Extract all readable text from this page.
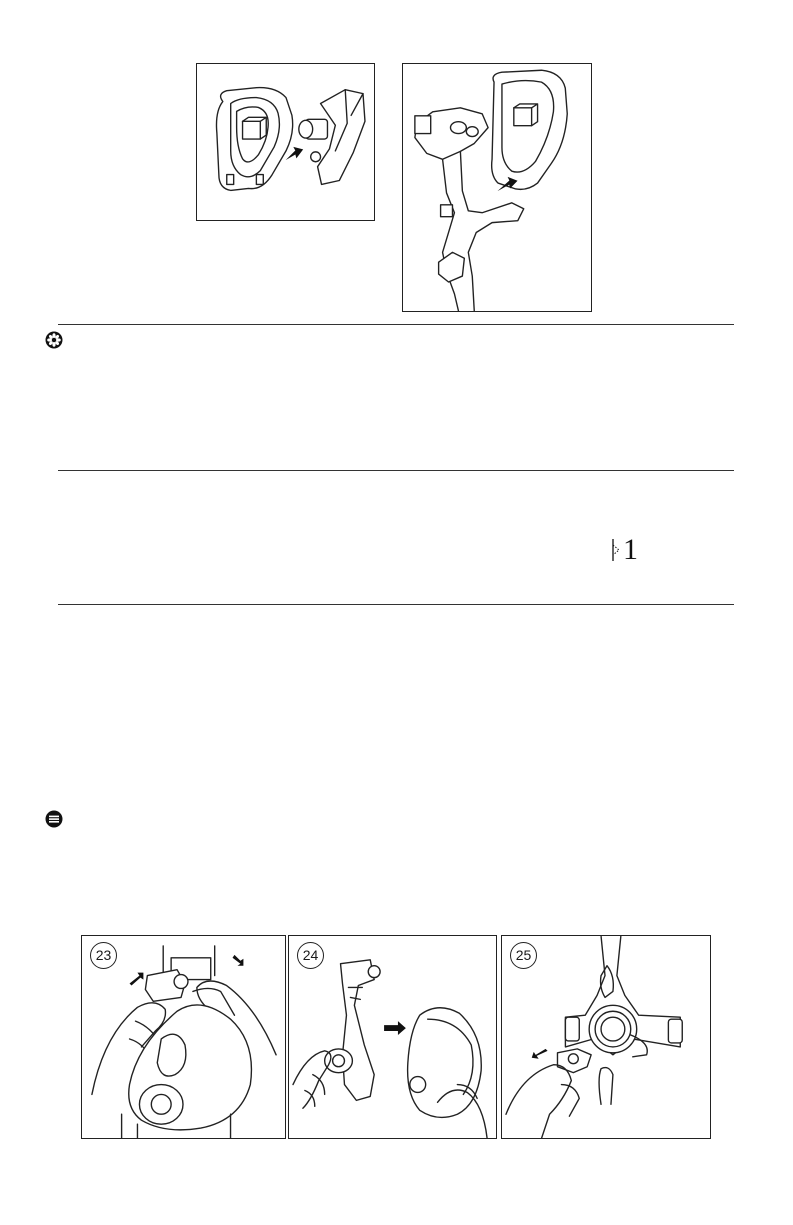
1
23	24	25
